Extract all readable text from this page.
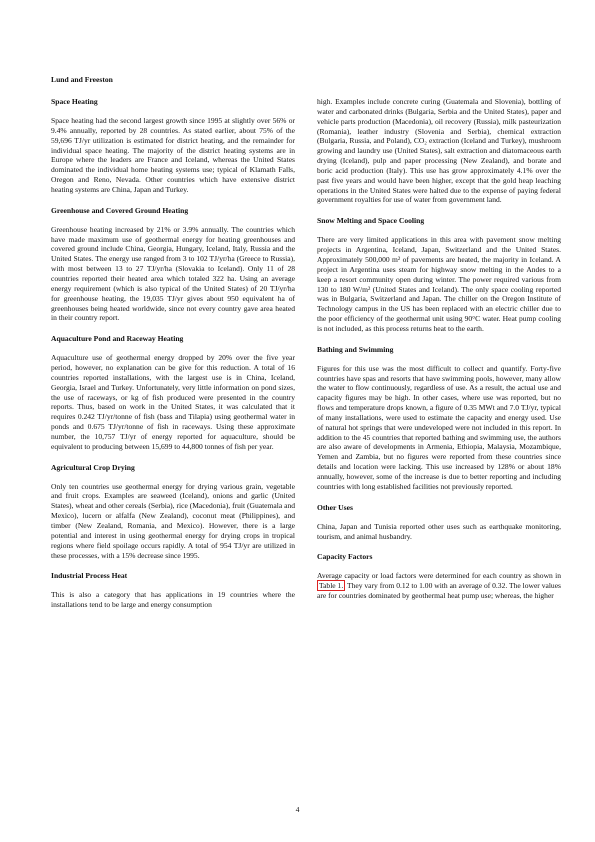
Lund and Freeston
Space Heating

Space heating had the second largest growth since 1995 at slightly over 56% or 9.4% annually, reported by 28 countries. As stated earlier, about 75% of the 59,696 TJ/yr utilization is estimated for district heating, and the remainder for individual space heating. The majority of the district heating systems are in Europe where the leaders are France and Iceland, whereas the United States dominated the individual home heating systems use; typical of Klamath Falls, Oregon and Reno, Nevada. Other countries which have extensive district heating systems are China, Japan and Turkey.

Greenhouse and Covered Ground Heating

Greenhouse heating increased by 21% or 3.9% annually. The countries which have made maximum use of geothermal energy for heating greenhouses and covered ground include China, Georgia, Hungary, Iceland, Italy, Russia and the United States. The energy use ranged from 3 to 102 TJ/yr/ha (Greece to Russia), with most between 13 to 27 TJ/yr/ha (Slovakia to Iceland). Only 11 of 28 countries reported their heated area which totaled 322 ha. Using an average energy requirement (which is also typical of the United States) of 20 TJ/yr/ha for greenhouse heating, the 19,035 TJ/yr gives about 950 equivalent ha of greenhouses being heated worldwide, since not every country gave area heated in their country report.

Aquaculture Pond and Raceway Heating

Aquaculture use of geothermal energy dropped by 20% over the five year period, however, no explanation can be give for this reduction. A total of 16 countries reported installations, with the largest use is in China, Iceland, Georgia, Israel and Turkey. Unfortunately, very little information on pond sizes, the use of raceways, or kg of fish produced were presented in the country reports. Thus, based on work in the United States, it was calculated that it requires 0.242 TJ/yr/tonne of fish (bass and Tilapia) using geothermal water in ponds and 0.675 TJ/yr/tonne of fish in raceways. Using these approximate number, the 10,757 TJ/yr of energy reported for aquaculture, should be equivalent to producing between 15,699 to 44,800 tonnes of fish per year.

Agricultural Crop Drying

Only ten countries use geothermal energy for drying various grain, vegetable and fruit crops. Examples are seaweed (Iceland), onions and garlic (United States), wheat and other cereals (Serbia), rice (Macedonia), fruit (Guatemala and Mexico), lucern or alfalfa (New Zealand), coconut meat (Philippines), and timber (New Zealand, Romania, and Mexico). However, there is a large potential and interest in using geothermal energy for drying crops in tropical regions where field spoilage occurs rapidly. A total of 954 TJ/yr are utilized in these processes, with a 15% decrease since 1995.

Industrial Process Heat

This is also a category that has applications in 19 countries where the installations tend to be large and energy consumption

high. Examples include concrete curing (Guatemala and Slovenia), bottling of water and carbonated drinks (Bulgaria, Serbia and the United States), paper and vehicle parts production (Macedonia), oil recovery (Russia), milk pasteurization (Romania), leather industry (Slovenia and Serbia), chemical extraction (Bulgaria, Russia, and Poland), CO₂ extraction (Iceland and Turkey), mushroom growing and laundry use (United States), salt extraction and diatomaceous earth drying (Iceland), pulp and paper processing (New Zealand), and borate and boric acid production (Italy). This use has grow approximately 4.1% over the past five years and would have been higher, except that the gold heap leaching operations in the United States were halted due to the expense of paying federal government royalties for use of water from government land.

Snow Melting and Space Cooling

There are very limited applications in this area with pavement snow melting projects in Argentina, Iceland, Japan, Switzerland and the United States. Approximately 500,000 m² of pavements are heated, the majority in Iceland. A project in Argentina uses steam for highway snow melting in the Andes to a keep a resort community open during winter. The power required various from 130 to 180 W/m² (United States and Iceland). The only space cooling reported was in Bulgaria, Switzerland and Japan. The chiller on the Oregon Institute of Technology campus in the US has been replaced with an electric chiller due to the poor efficiency of the geothermal unit using 90°C water. Heat pump cooling is not included, as this process returns heat to the earth.

Bathing and Swimming

Figures for this use was the most difficult to collect and quantify. Forty-five countries have spas and resorts that have swimming pools, however, many allow the water to flow continuously, regardless of use. As a result, the actual use and capacity figures may be high. In other cases, where use was reported, but no flows and temperature drops known, a figure of 0.35 MWt and 7.0 TJ/yr, typical of many installations, were used to estimate the capacity and energy used. Use of natural hot springs that were undeveloped were not included in this report. In addition to the 45 countries that reported bathing and swimming use, the authors are also aware of developments in Armenia, Ethiopia, Malaysia, Mozambique, Yemen and Zambia, but no figures were reported from these countries since details and location were lacking. This use increased by 128% or about 18% annually, however, some of the increase is due to better reporting and including countries with long established facilities not previously reported.

Other Uses

China, Japan and Tunisia reported other uses such as earthquake monitoring, tourism, and animal husbandry.

Capacity Factors

Average capacity or load factors were determined for each country as shown in Table 1. They vary from 0.12 to 1.00 with an average of 0.32. The lower values are for countries dominated by geothermal heat pump use; whereas, the higher

4
